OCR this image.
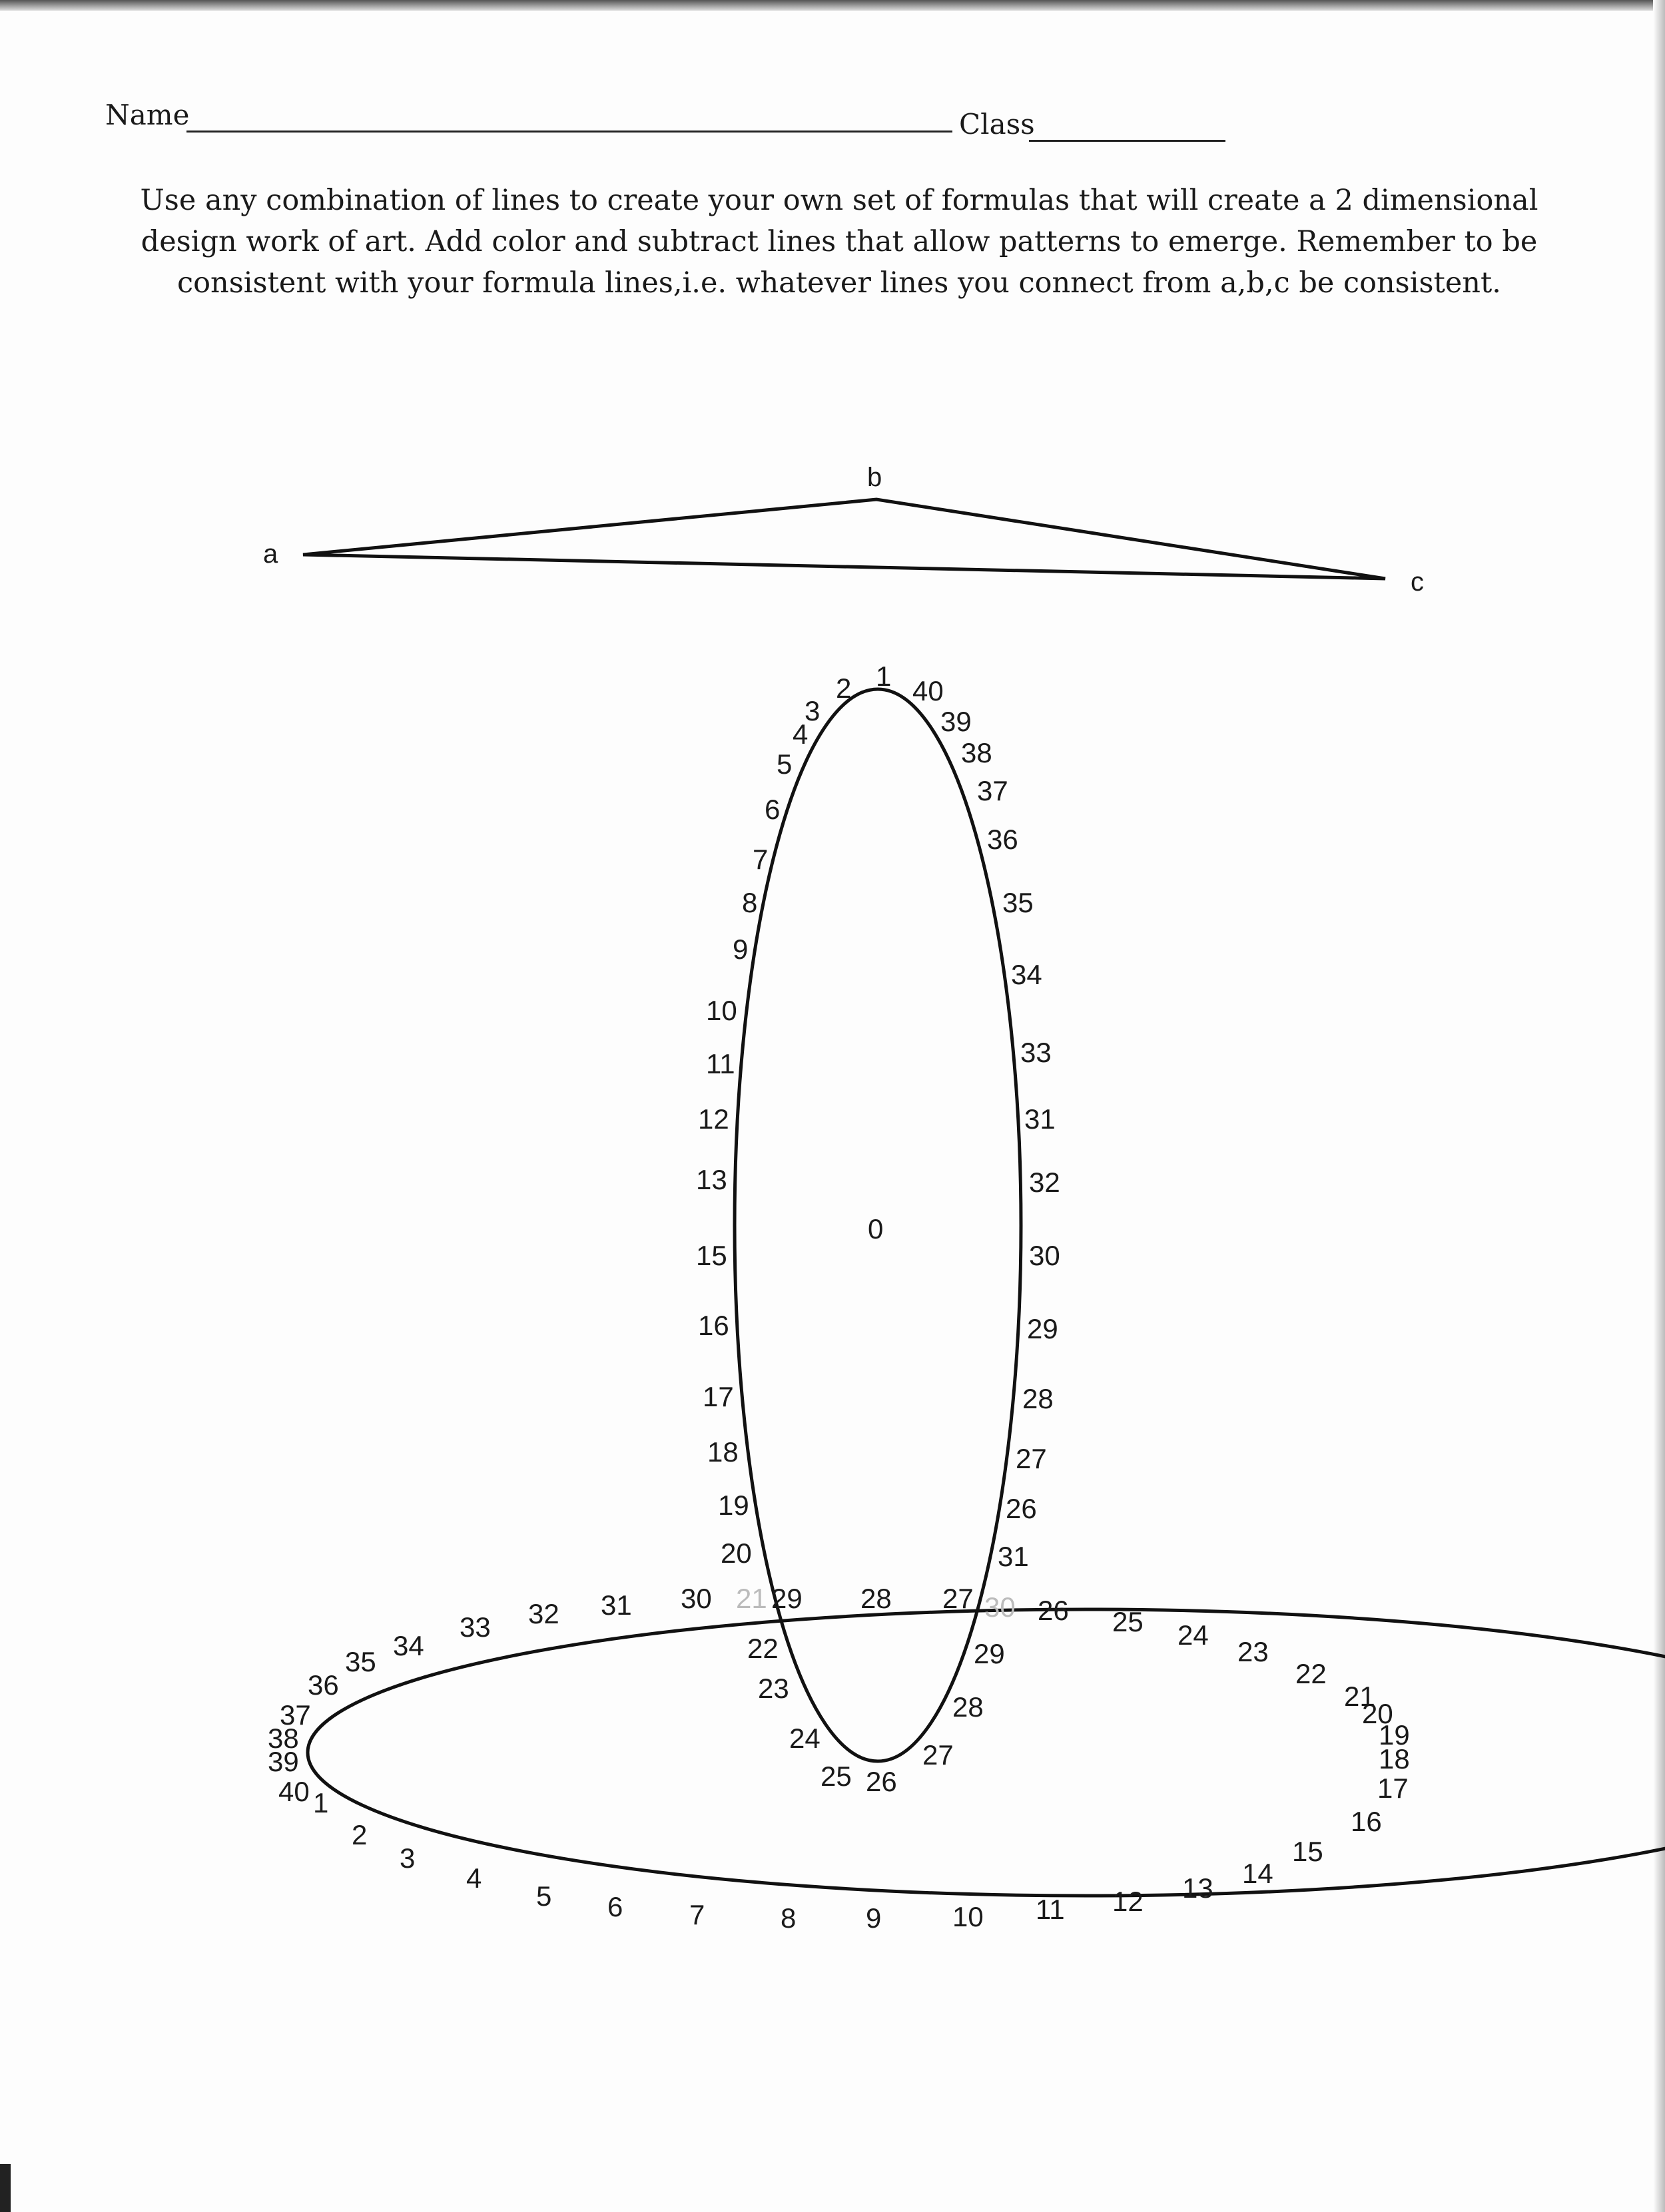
Name	Class
Use any combination of lines to create your own set of formulas that will create a 2 dimensional design work of art. Add color and subtract lines that allow patterns to emerge. Remember to be consistent with your formula lines,i.e. whatever lines you connect from a,b,c be consistent.
a
b
c
0
2
3
4
5
6
7
8
9
10
11
12
13
15
16
17
18
19
20
22
23
24
25
1 40
39
38
37
36
35
34
33
31
32
30
29
28
27
26
31
29
28
27
26
30 21 29 28 27 30 26 25 24
23
22
21
20
19
18
17
16
31
32
33
34
35
36
37
38
39
40 1
2
3
4
5 6 7	8 9	10 11 12 13 14
15
